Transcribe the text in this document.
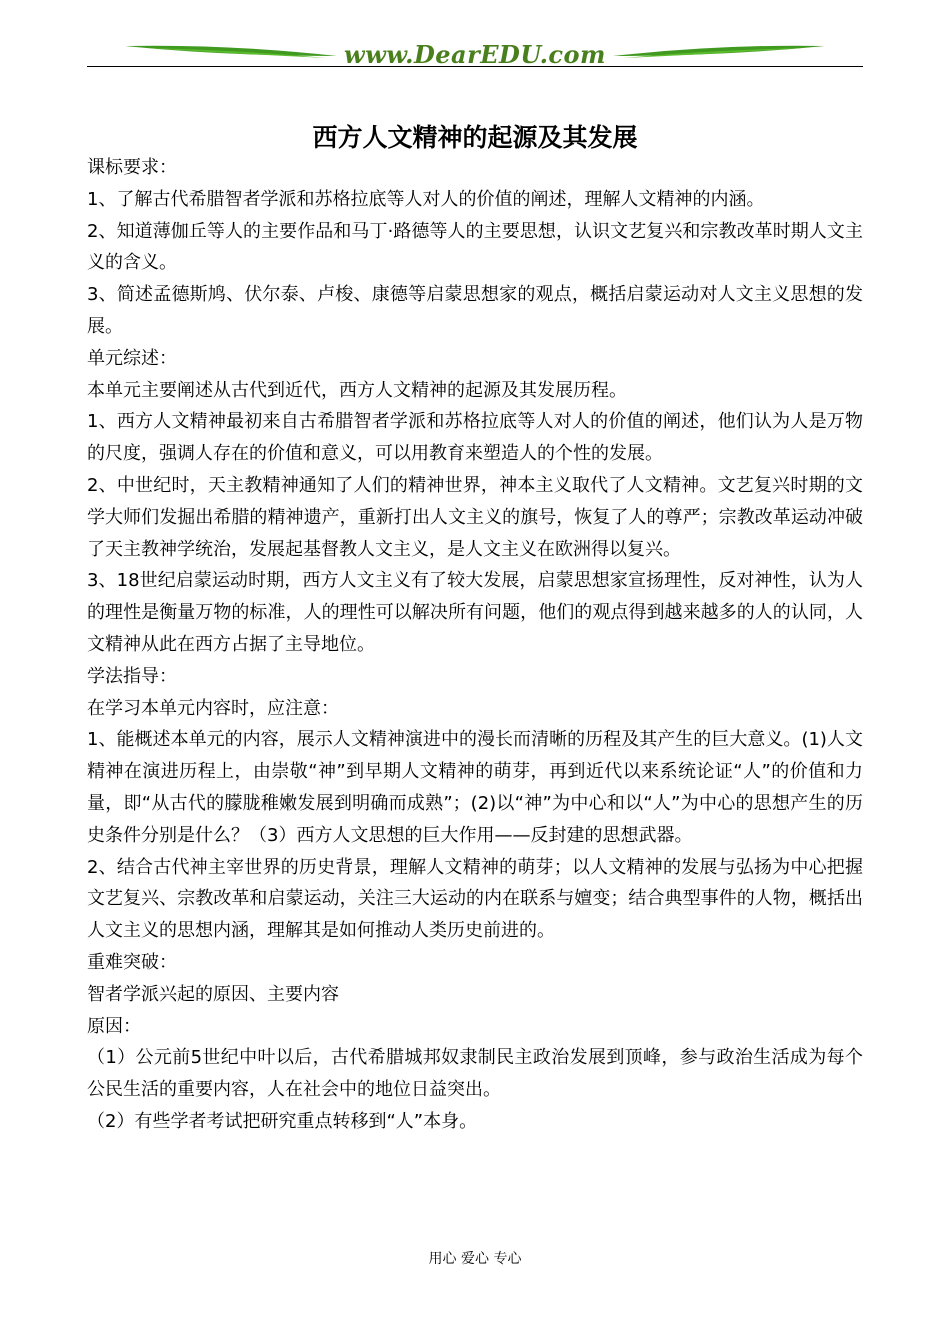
www.DearEDU.com
西方人文精神的起源及其发展

课标要求：

1、了解古代希腊智者学派和苏格拉底等人对人的价值的阐述，理解人文精神的内涵。

2、知道薄伽丘等人的主要作品和马丁·路德等人的主要思想，认识文艺复兴和宗教改革时期人文主义的含义。

3、简述孟德斯鸠、伏尔泰、卢梭、康德等启蒙思想家的观点，概括启蒙运动对人文主义思想的发展。

单元综述：

本单元主要阐述从古代到近代，西方人文精神的起源及其发展历程。

1、西方人文精神最初来自古希腊智者学派和苏格拉底等人对人的价值的阐述，他们认为人是万物的尺度，强调人存在的价值和意义，可以用教育来塑造人的个性的发展。

2、中世纪时，天主教精神通知了人们的精神世界，神本主义取代了人文精神。文艺复兴时期的文学大师们发掘出希腊的精神遗产，重新打出人文主义的旗号，恢复了人的尊严；宗教改革运动冲破了天主教神学统治，发展起基督教人文主义，是人文主义在欧洲得以复兴。

3、18世纪启蒙运动时期，西方人文主义有了较大发展，启蒙思想家宣扬理性，反对神性，认为人的理性是衡量万物的标准，人的理性可以解决所有问题，他们的观点得到越来越多的人的认同，人文精神从此在西方占据了主导地位。

学法指导：

在学习本单元内容时，应注意：

1、能概述本单元的内容，展示人文精神演进中的漫长而清晰的历程及其产生的巨大意义。(1)人文精神在演进历程上，由崇敬“神”到早期人文精神的萌芽，再到近代以来系统论证“人”的价值和力量，即“从古代的朦胧稚嫩发展到明确而成熟”；(2)以“神”为中心和以“人”为中心的思想产生的历史条件分别是什么？（3）西方人文思想的巨大作用——反封建的思想武器。

2、结合古代神主宰世界的历史背景，理解人文精神的萌芽；以人文精神的发展与弘扬为中心把握文艺复兴、宗教改革和启蒙运动，关注三大运动的内在联系与嬗变；结合典型事件的人物，概括出人文主义的思想内涵，理解其是如何推动人类历史前进的。

重难突破：

智者学派兴起的原因、主要内容

原因：

（1）公元前5世纪中叶以后，古代希腊城邦奴隶制民主政治发展到顶峰，参与政治生活成为每个公民生活的重要内容，人在社会中的地位日益突出。

（2）有些学者考试把研究重点转移到“人”本身。

用心 爱心 专心
